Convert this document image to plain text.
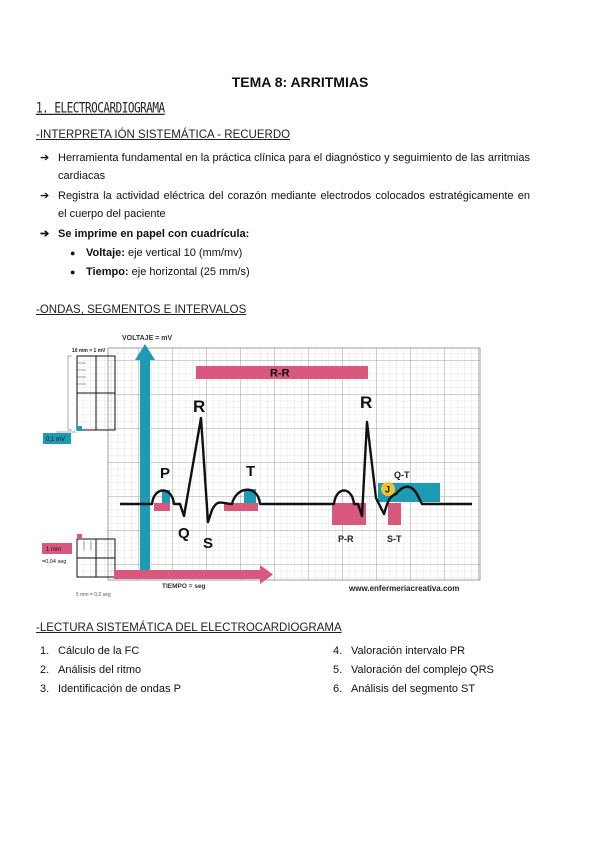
TEMA 8: ARRITMIAS
1. ELECTROCARDIOGRAMA
-INTERPRETA IÓN SISTEMÁTICA - RECUERDO
➔ Herramienta fundamental en la práctica clínica para el diagnóstico y seguimiento de las arritmias cardiacas
➔ Registra la actividad eléctrica del corazón mediante electrodos colocados estratégicamente en el cuerpo del paciente
➔ Se imprime en papel con cuadrícula:
● Voltaje: eje vertical 10 (mm/mv)
● Tiempo: eje horizontal (25 mm/s)
-ONDAS, SEGMENTOS E INTERVALOS
10 mm = 1 mV
0,1 mV
1 mm
=0,04 seg
5 mm = 0,2 seg
VOLTAJE = mV
TIEMPO = seg
R-R
J
R	R
P	T
Q
S
Q-T
P-R	S-T
www.enfermeriacreativa.com
-LECTURA SISTEMÁTICA DEL ELECTROCARDIOGRAMA
1. Cálculo de la FC
2. Análisis del ritmo
3. Identificación de ondas P
4. Valoración intervalo PR
5. Valoración del complejo QRS
6. Análisis del segmento ST
